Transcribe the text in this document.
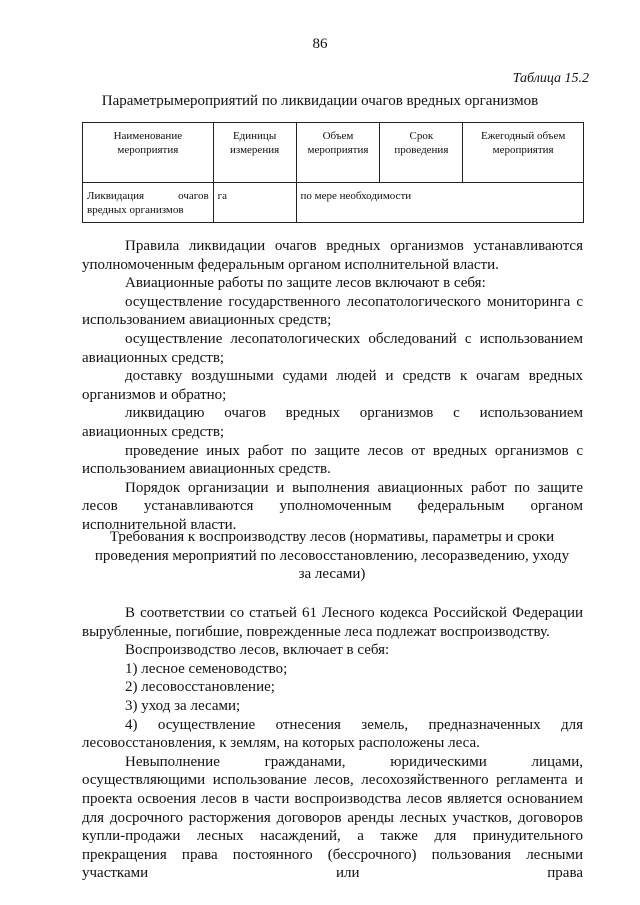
86
Таблица 15.2
Параметрымероприятий по ликвидации очагов вредных организмов
Наименование мероприятия	Единицы измерения	Объем мероприятия	Срок проведения	Ежегодный объем мероприятия
Ликвидация очагов вредных организмов	га	по мере необходимости		

Правила ликвидации очагов вредных организмов устанавливаются уполномоченным федеральным органом исполнительной власти.

Авиационные работы по защите лесов включают в себя:

осуществление государственного лесопатологического мониторинга с использованием авиационных средств;

осуществление лесопатологических обследований с использованием авиационных средств;

доставку воздушными судами людей и средств к очагам вредных организмов и обратно;

ликвидацию очагов вредных организмов с использованием авиационных средств;

проведение иных работ по защите лесов от вредных организмов с использованием авиационных средств.

Порядок организации и выполнения авиационных работ по защите лесов устанавливаются уполномоченным федеральным органом исполнительной власти.

Требования к воспроизводству лесов (нормативы, параметры и сроки проведения мероприятий по лесовосстановлению, лесоразведению, уходу за лесами)

В соответствии со статьей 61 Лесного кодекса Российской Федерации вырубленные, погибшие, поврежденные леса подлежат воспроизводству.

Воспроизводство лесов, включает в себя:

1) лесное семеноводство;

2) лесовосстановление;

3) уход за лесами;

4) осуществление отнесения земель, предназначенных для лесовосстановления, к землям, на которых расположены леса.

Невыполнение гражданами, юридическими лицами, осуществляющими использование лесов, лесохозяйственного регламента и проекта освоения лесов в части воспроизводства лесов является основанием для досрочного расторжения договоров аренды лесных участков, договоров купли-продажи лесных насаждений, а также для принудительного прекращения права постоянного (бессрочного) пользования лесными участками или права
